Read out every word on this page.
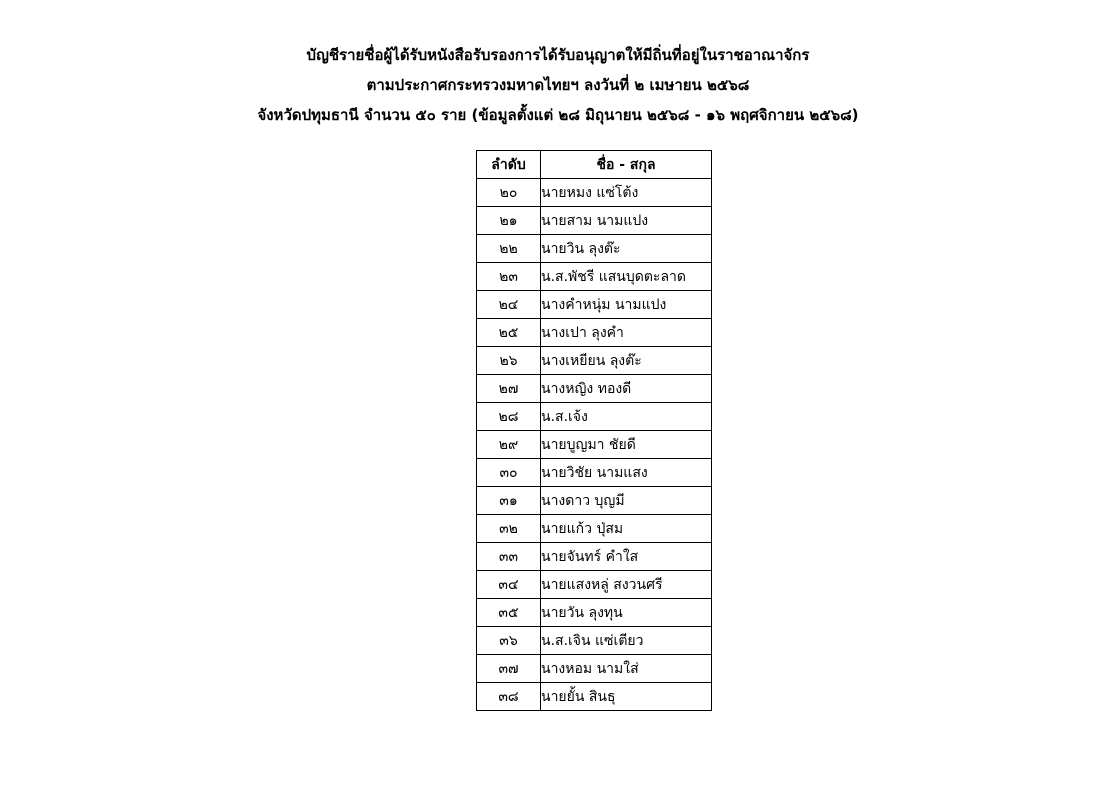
บัญชีรายชื่อผู้ได้รับหนังสือรับรองการได้รับอนุญาตให้มีถิ่นที่อยู่ในราชอาณาจักร
ตามประกาศกระทรวงมหาดไทยฯ ลงวันที่ ๒ เมษายน ๒๕๖๘
จังหวัดปทุมธานี จำนวน ๕๐ ราย (ข้อมูลตั้งแต่ ๒๘ มิถุนายน ๒๕๖๘ - ๑๖ พฤศจิกายน ๒๕๖๘)
ลำดับ	ชื่อ - สกุล
๒๐	นายหมง แซ่โต้ง
๒๑	นายสาม นามแปง
๒๒	นายวิน ลุงต๊ะ
๒๓	น.ส.พัชรี แสนบุดตะลาด
๒๔	นางคำหนุ่ม นามแปง
๒๕	นางเปา ลุงคำ
๒๖	นางเหยียน ลุงต๊ะ
๒๗	นางหญิง ทองดี
๒๘	น.ส.เจ้ง
๒๙	นายบูญมา ชัยดี
๓๐	นายวิชัย นามแสง
๓๑	นางดาว บุญมี
๓๒	นายแก้ว ปุ่สม
๓๓	นายจันทร์ คำใส
๓๔	นายแสงหลู่ สงวนศรี
๓๕	นายวัน ลุงทุน
๓๖	น.ส.เจิน แซ่เตียว
๓๗	นางหอม นามใส่
๓๘	นายยั้น สินธุ
